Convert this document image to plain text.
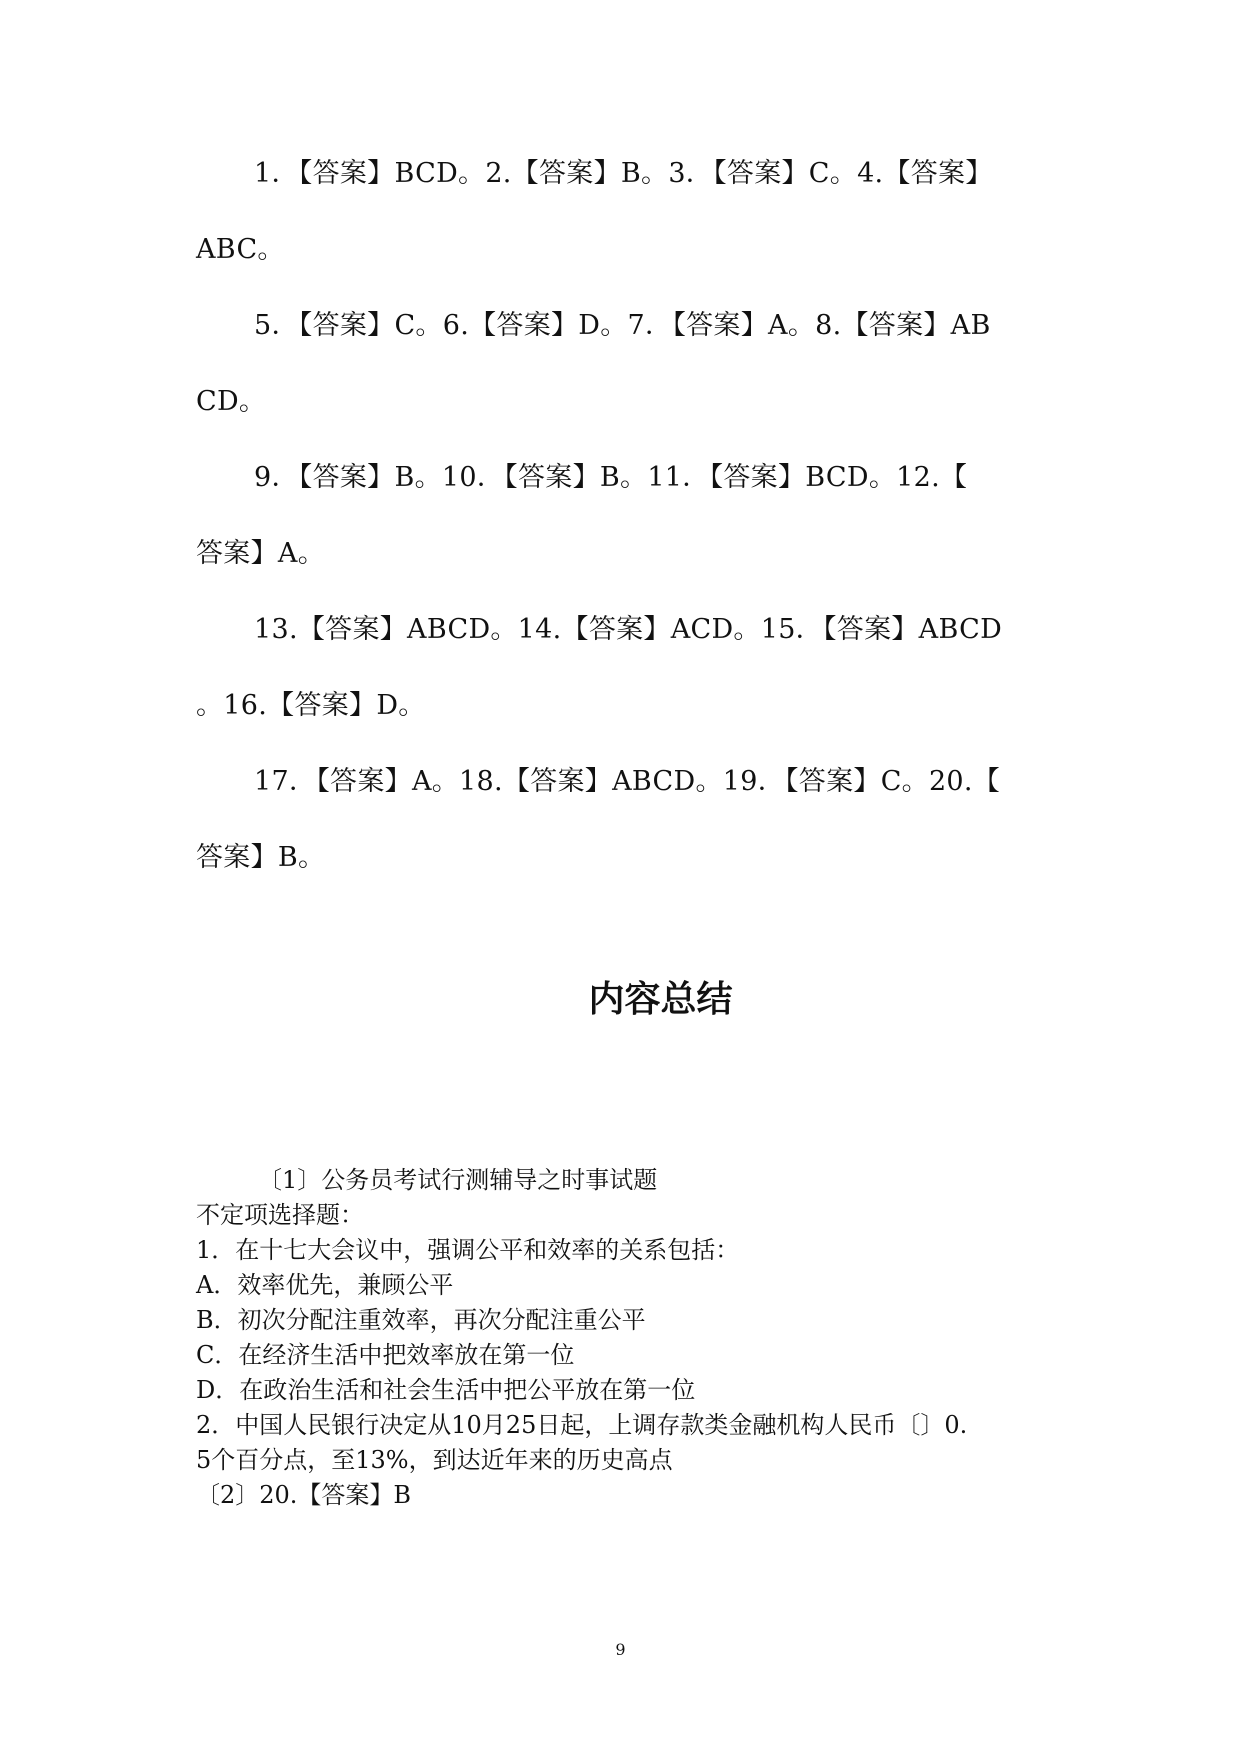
1．【答案】BCD。2.【答案】B。3．【答案】C。4.【答案】
ABC。
5．【答案】C。6.【答案】D。7．【答案】A。8.【答案】AB
CD。
9．【答案】B。10．【答案】B。11．【答案】BCD。12.【
答案】A。
13.【答案】ABCD。14.【答案】ACD。15．【答案】ABCD
。16.【答案】D。
17．【答案】A。18.【答案】ABCD。19．【答案】C。20.【
答案】B。
内容总结
〔1〕公务员考试行测辅导之时事试题
不定项选择题：
1．在十七大会议中，强调公平和效率的关系包括：
A．效率优先，兼顾公平
B．初次分配注重效率，再次分配注重公平
C．在经济生活中把效率放在第一位
D．在政治生活和社会生活中把公平放在第一位
2．中国人民银行决定从10月25日起，上调存款类金融机构人民币〔〕0.
5个百分点，至13%，到达近年来的历史高点
〔2〕20.【答案】B
9
